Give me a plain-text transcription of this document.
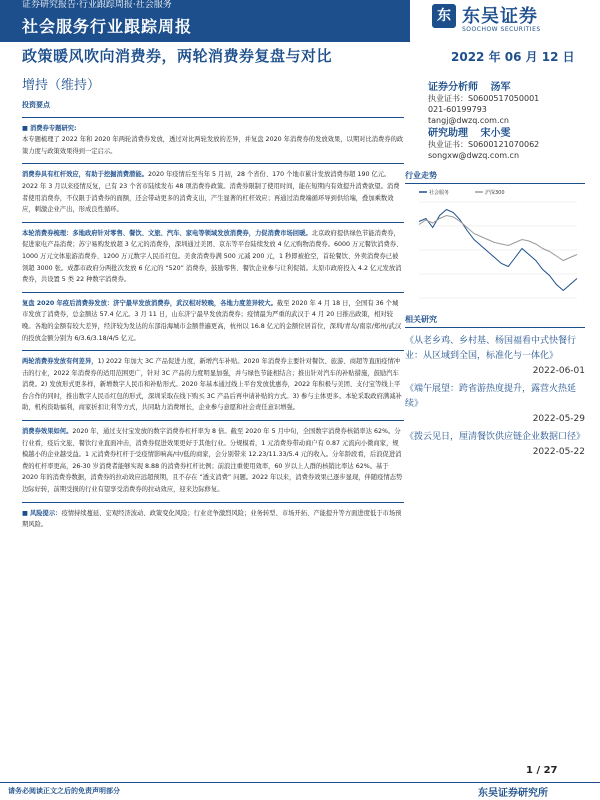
证券研究报告·行业跟踪周报·社会服务
社会服务行业跟踪周报
东 东吴证券
SOOCHOW SECURITIES
政策暖风吹向消费券，两轮消费券复盘与对比	2022 年 06 月 12 日
增持（维持）	证券分析师 汤军
执业证书：S0600517050001
021-60199793
tangj@dwzq.com.cn
研究助理 宋小雯
执业证书：S0600121070062
songxw@dwzq.com.cn
投资要点

■ 消费券专题研究:
本专题梳理了 2022 年和 2020 年两轮消费券发放，透过对比两轮发放的差异，并复盘 2020 年消费券的发放效果，以期对比消费券的政策力度与政策效果得到一定启示。

消费券具有杠杆效应，有助于挖掘消费潜能。2020 年疫情后至当年 5 月初，28 个省份、170 个地市累计发放消费券超 190 亿元。2022 年 3 月以来疫情反复，已有 23 个省市陆续发布 48 项消费券政策。消费券限制了使用时间，能在短期内有效提升消费欲望。消费者使用消费券，不仅限于消费券的面额，还会带动更多的消费支出，产生显著的杠杆效应；再通过消费端循环导到供给端，叠加乘数效应，刺激企业产出，形成良性循环。

本轮消费券梳理：多地政府针对零售、餐饮、文旅、汽车、家电等领域发放消费券，力促消费市场回暖。北京政府提供绿色节能消费券，促进家电产品消费；苏宁易购发放超 3 亿元的消费券，深圳通过美团、京东等平台陆续发放 4 亿元购物消费券。6000 万元餐饮消费券、1000 万元文体旅游消费券、1200 万元数字人民币红包。美食消费券满 500 元减 200 元，1 秒即被抢空，首轮餐饮、外卖消费券已被领超 3000 张。成都市政府分两批次发放 6 亿元的 “520” 消费券，鼓励零售、餐饮企业参与让利促销。太原市政府投入 4.2 亿元发放消费券，共设置 5 类 22 种数字消费券。

复盘 2020 年疫后消费券发放：济宁最早发放消费券，武汉相对较晚，各地力度差异较大。截至 2020 年 4 月 18 日，全国有 36 个城市发放了消费券，总金额达 57.4 亿元。3 月 11 日，山东济宁最早发放消费券；疫情最为严重的武汉于 4 月 20 日推出政策，相对较晚。各地的金额有较大差异，经济较为发达的东部沿海城市金额普遍更高，杭州以 16.8 亿元的金额位居首位，深圳/青岛/南京/郑州/武汉的投放金额分别为 6/3.6/3.18/4/5 亿元。

两轮消费券发放有何差异，1) 2022 年加大 3C 产品促进力度，新增汽车补贴。2020 年消费券主要针对餐饮、旅游、商超等直面疫情冲击的行业，2022 年消费券的适用范围更广，针对 3C 产品的力度明显加强，并与绿色节能相结合；推出针对汽车的补贴措施，鼓励汽车消费。2) 发放形式更多样，新增数字人民币和补贴形式。2020 年基本通过线上平台发放优惠券，2022 年积极与美团、支付宝等线上平台合作的同时，推出数字人民币红包的形式，深圳采取在线下购买 3C 产品后再申请补贴的方式。3) 参与主体更多。本轮采取政府满减补助，机构资助福利，商家折扣让利等方式，共同助力消费增长，企业参与意愿和社会责任意识增强。

消费券效果如何。2020 年，通过支付宝发放的数字消费券杠杆率为 8 倍。截至 2020 年 5 月中旬，全国数字消费券核销率达 62%。分行业看，疫后文旅、餐饮行业直面冲击，消费券促进效果更好于其他行业。分规模看，1 元消费券带动商户有 0.87 元流向小微商家，规模越小的企业越受益。1 元消费券杠杆于受疫情影响高/中/低的商家，会分别带来 12.23/11.33/5.4 元的收入。分年龄段看，后浪促进消费的杠杆率更高，26-30 岁消费者能够实现 8.88 的消费券杠杆比例；前浪注重使用效率，60 岁以上人群的核销比率达 62%。基于 2020 年的消费券数据，消费券的拉动效应远超预期，且不存在 “透支消费” 问题。2022 年以来，消费券效果已逐步显现，伴随疫情态势边际好转，前期受损的行业有望享受消费券的拉动效应，迎来边际修复。

■ 风险提示：疫情持续蔓延、宏观经济波动、政策变化风险；行业竞争激烈风险；业务转型、市场开拓、产能提升等方面进度低于市场预期风险。

行业走势
社会服务	沪深300
相关研究
《从老乡鸡、乡村基、杨国福看中式快餐行业：从区域到全国，标准化与一体化》
2022-06-01
《端午展望：跨省游热度提升，露营火热延续》
2022-05-29
《拨云见日，厘清餐饮供应链企业数据口径》
2022-05-22
1 / 27
请务必阅读正文之后的免责声明部分	东吴证券研究所
